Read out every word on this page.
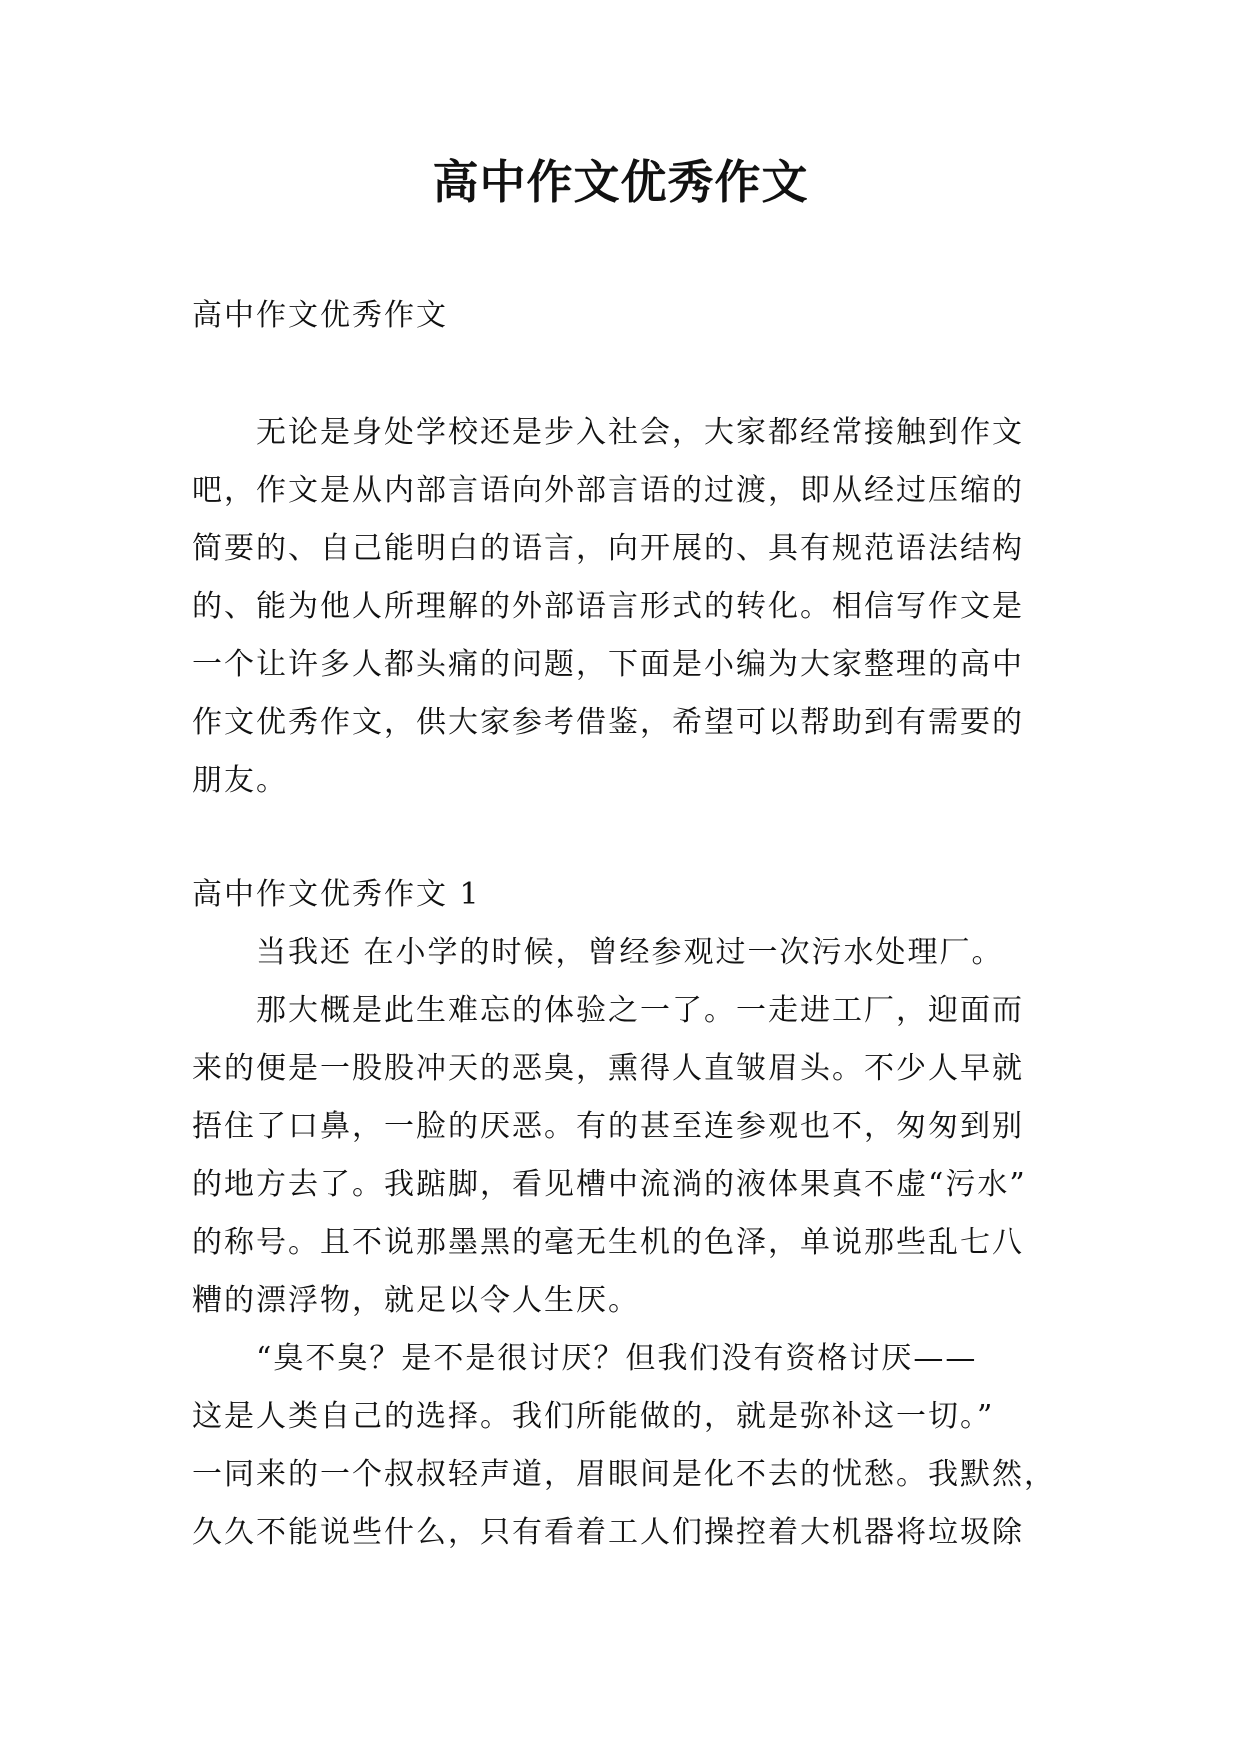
高中作文优秀作文
高中作文优秀作文
　　无论是身处学校还是步入社会，大家都经常接触到作文
吧，作文是从内部言语向外部言语的过渡，即从经过压缩的
简要的、自己能明白的语言，向开展的、具有规范语法结构
的、能为他人所理解的外部语言形式的转化。相信写作文是
一个让许多人都头痛的问题，下面是小编为大家整理的高中
作文优秀作文，供大家参考借鉴，希望可以帮助到有需要的
朋友。
高中作文优秀作文 1
　　当我还 在小学的时候，曾经参观过一次污水处理厂。
　　那大概是此生难忘的体验之一了。一走进工厂，迎面而
来的便是一股股冲天的恶臭，熏得人直皱眉头。不少人早就
捂住了口鼻，一脸的厌恶。有的甚至连参观也不，匆匆到别
的地方去了。我踮脚，看见槽中流淌的液体果真不虚“污水”
的称号。且不说那墨黑的毫无生机的色泽，单说那些乱七八
糟的漂浮物，就足以令人生厌。
　　“臭不臭？是不是很讨厌？但我们没有资格讨厌——
这是人类自己的选择。我们所能做的，就是弥补这一切。”
一同来的一个叔叔轻声道，眉眼间是化不去的忧愁。我默然，
久久不能说些什么，只有看着工人们操控着大机器将垃圾除
